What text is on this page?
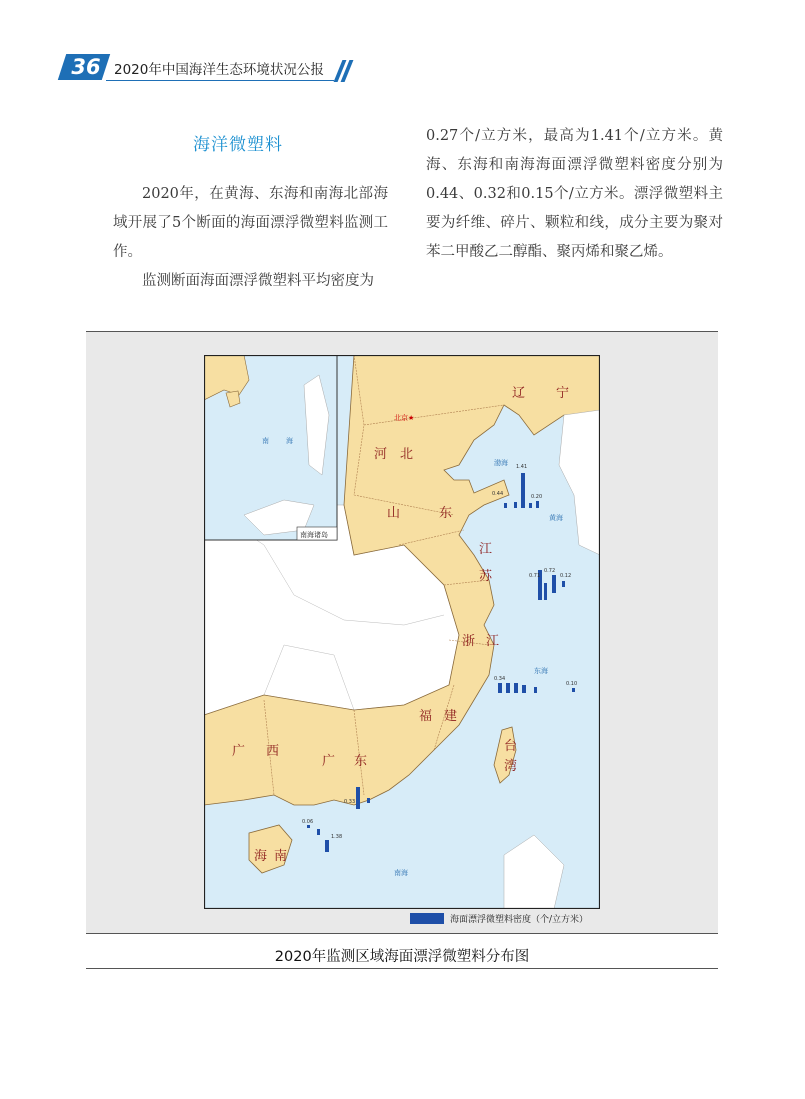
36 2020年中国海洋生态环境状况公报
海洋微塑料

2020年，在黄海、东海和南海北部海域开展了5个断面的海面漂浮微塑料监测工作。

监测断面海面漂浮微塑料平均密度为

0.27个/立方米，最高为1.41个/立方米。黄海、东海和南海海面漂浮微塑料密度分别为0.44、0.32和0.15个/立方米。漂浮微塑料主要为纤维、碎片、颗粒和线，成分主要为聚对苯二甲酸乙二醇酯、聚丙烯和聚乙烯。

南海诸岛
南 海
渤海
黄海
东海
南海
辽 宁
河 北
山	东
江
苏
浙 江
福 建
广 西
广 东
台
湾
海 南
北京★
1.41
0.44	0.20
0.72
0.71	0.12
0.34
0.10
0.33
0.06
1.38
海面漂浮微塑料密度（个/立方米）
2020年监测区域海面漂浮微塑料分布图
